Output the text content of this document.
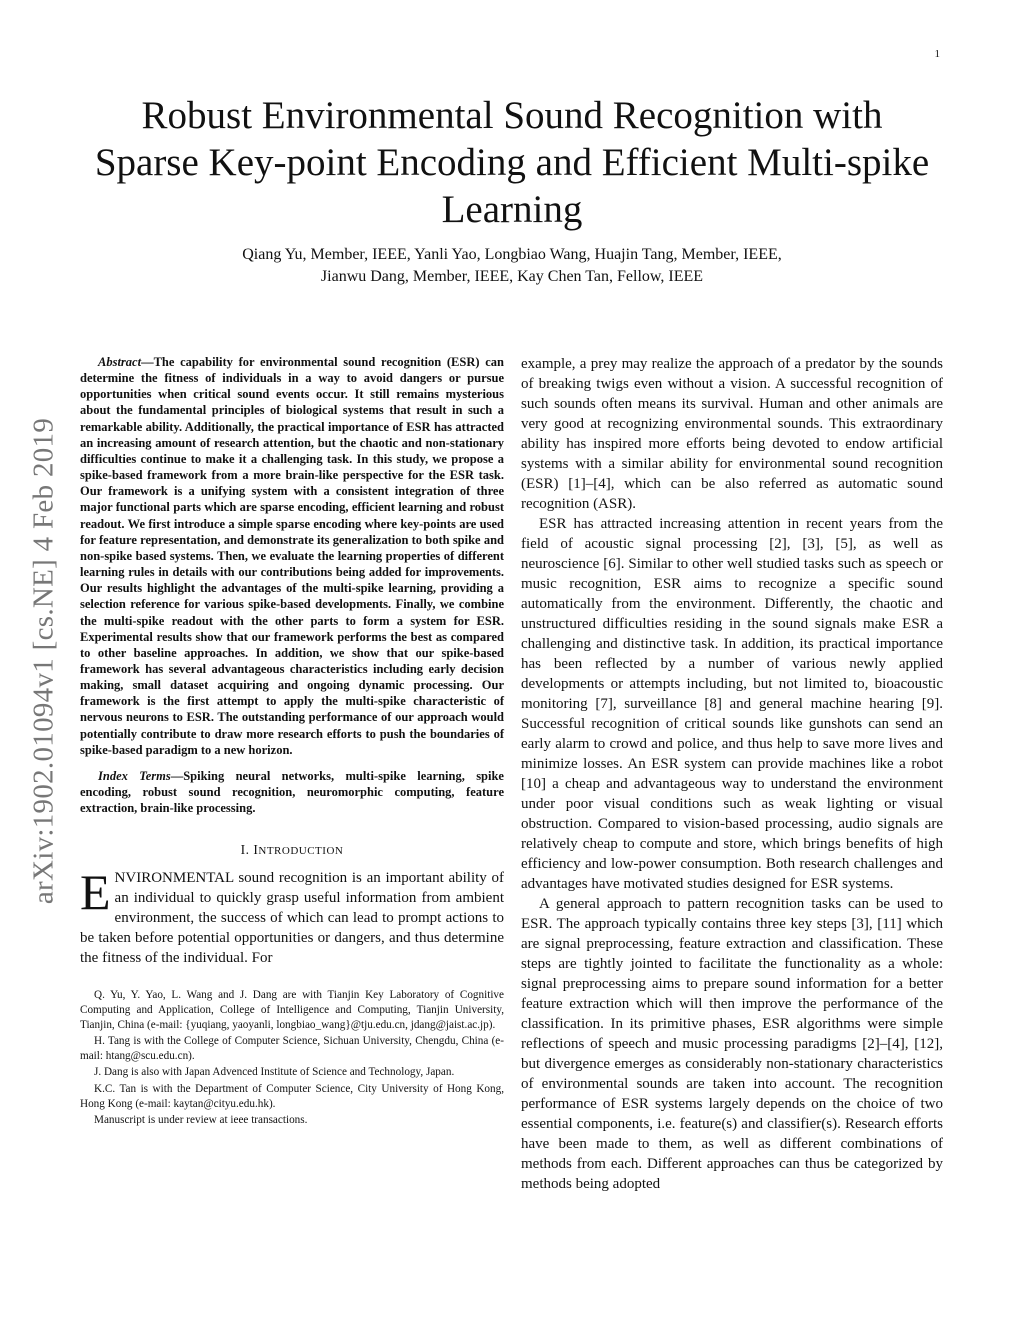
1
arXiv:1902.01094v1 [cs.NE] 4 Feb 2019
Robust Environmental Sound Recognition with Sparse Key-point Encoding and Efficient Multi-spike Learning
Qiang Yu, Member, IEEE, Yanli Yao, Longbiao Wang, Huajin Tang, Member, IEEE,
Jianwu Dang, Member, IEEE, Kay Chen Tan, Fellow, IEEE

Abstract—The capability for environmental sound recognition (ESR) can determine the fitness of individuals in a way to avoid dangers or pursue opportunities when critical sound events occur. It still remains mysterious about the fundamental principles of biological systems that result in such a remarkable ability. Additionally, the practical importance of ESR has attracted an increasing amount of research attention, but the chaotic and non-stationary difficulties continue to make it a challenging task. In this study, we propose a spike-based framework from a more brain-like perspective for the ESR task. Our framework is a unifying system with a consistent integration of three major functional parts which are sparse encoding, efficient learning and robust readout. We first introduce a simple sparse encoding where key-points are used for feature representation, and demonstrate its generalization to both spike and non-spike based systems. Then, we evaluate the learning properties of different learning rules in details with our contributions being added for improvements. Our results highlight the advantages of the multi-spike learning, providing a selection reference for various spike-based developments. Finally, we combine the multi-spike readout with the other parts to form a system for ESR. Experimental results show that our framework performs the best as compared to other baseline approaches. In addition, we show that our spike-based framework has several advantageous characteristics including early decision making, small dataset acquiring and ongoing dynamic processing. Our framework is the first attempt to apply the multi-spike characteristic of nervous neurons to ESR. The outstanding performance of our approach would potentially contribute to draw more research efforts to push the boundaries of spike-based paradigm to a new horizon.

Index Terms—Spiking neural networks, multi-spike learning, spike encoding, robust sound recognition, neuromorphic computing, feature extraction, brain-like processing.

I. INTRODUCTION

ENVIRONMENTAL sound recognition is an important ability of an individual to quickly grasp useful information from ambient environment, the success of which can lead to prompt actions to be taken before potential opportunities or dangers, and thus determine the fitness of the individual. For

Q. Yu, Y. Yao, L. Wang and J. Dang are with Tianjin Key Laboratory of Cognitive Computing and Application, College of Intelligence and Computing, Tianjin University, Tianjin, China (e-mail: {yuqiang, yaoyanli, longbiao_wang}@tju.edu.cn, jdang@jaist.ac.jp).

H. Tang is with the College of Computer Science, Sichuan University, Chengdu, China (e-mail: htang@scu.edu.cn).

J. Dang is also with Japan Advenced Institute of Science and Technology, Japan.

K.C. Tan is with the Department of Computer Science, City University of Hong Kong, Hong Kong (e-mail: kaytan@cityu.edu.hk).

Manuscript is under review at ieee transactions.

example, a prey may realize the approach of a predator by the sounds of breaking twigs even without a vision. A successful recognition of such sounds often means its survival. Human and other animals are very good at recognizing environmental sounds. This extraordinary ability has inspired more efforts being devoted to endow artificial systems with a similar ability for environmental sound recognition (ESR) [1]–[4], which can be also referred as automatic sound recognition (ASR).

ESR has attracted increasing attention in recent years from the field of acoustic signal processing [2], [3], [5], as well as neuroscience [6]. Similar to other well studied tasks such as speech or music recognition, ESR aims to recognize a specific sound automatically from the environment. Differently, the chaotic and unstructured difficulties residing in the sound signals make ESR a challenging and distinctive task. In addition, its practical importance has been reflected by a number of various newly applied developments or attempts including, but not limited to, bioacoustic monitoring [7], surveillance [8] and general machine hearing [9]. Successful recognition of critical sounds like gunshots can send an early alarm to crowd and police, and thus help to save more lives and minimize losses. An ESR system can provide machines like a robot [10] a cheap and advantageous way to understand the environment under poor visual conditions such as weak lighting or visual obstruction. Compared to vision-based processing, audio signals are relatively cheap to compute and store, which brings benefits of high efficiency and low-power consumption. Both research challenges and advantages have motivated studies designed for ESR systems.

A general approach to pattern recognition tasks can be used to ESR. The approach typically contains three key steps [3], [11] which are signal preprocessing, feature extraction and classification. These steps are tightly jointed to facilitate the functionality as a whole: signal preprocessing aims to prepare sound information for a better feature extraction which will then improve the performance of the classification. In its primitive phases, ESR algorithms were simple reflections of speech and music processing paradigms [2]–[4], [12], but divergence emerges as considerably non-stationary characteristics of environmental sounds are taken into account. The recognition performance of ESR systems largely depends on the choice of two essential components, i.e. feature(s) and classifier(s). Research efforts have been made to them, as well as different combinations of methods from each. Different approaches can thus be categorized by methods being adopted
